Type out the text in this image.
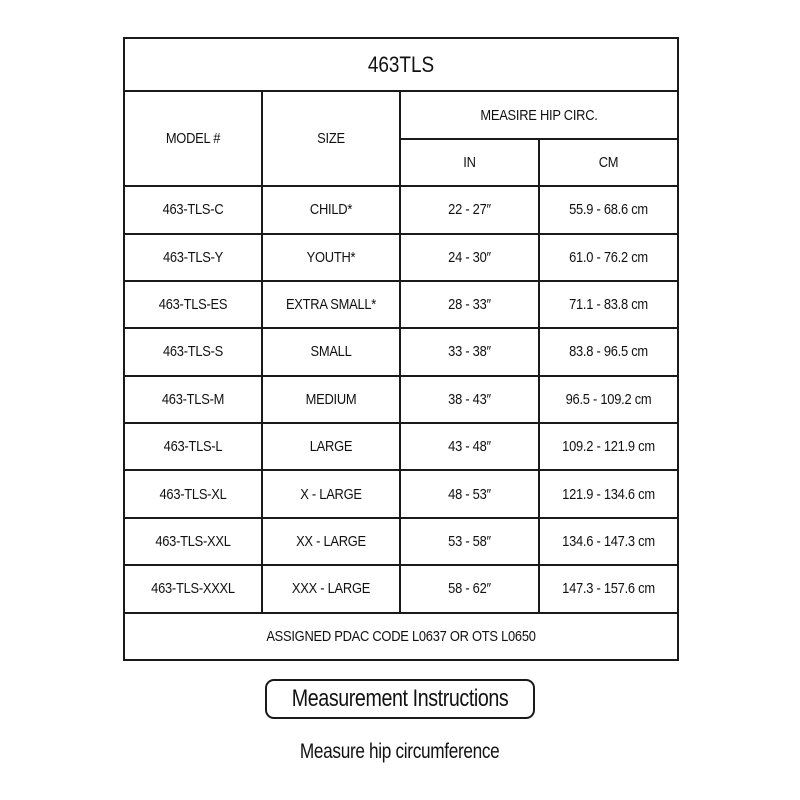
463TLS			
MODEL #	SIZE	MEASIRE HIP CIRC.	
		IN	CM
463-TLS-C	CHILD*	22 - 27″	55.9 - 68.6 cm
463-TLS-Y	YOUTH*	24 - 30″	61.0 - 76.2 cm
463-TLS-ES	EXTRA SMALL*	28 - 33″	71.1 - 83.8 cm
463-TLS-S	SMALL	33 - 38″	83.8 - 96.5 cm
463-TLS-M	MEDIUM	38 - 43″	96.5 - 109.2 cm
463-TLS-L	LARGE	43 - 48″	109.2 - 121.9 cm
463-TLS-XL	X - LARGE	48 - 53″	121.9 - 134.6 cm
463-TLS-XXL	XX - LARGE	53 - 58″	134.6 - 147.3 cm
463-TLS-XXXL	XXX - LARGE	58 - 62″	147.3 - 157.6 cm
ASSIGNED PDAC CODE L0637 OR OTS L0650			
Measurement Instructions
Measure hip circumference
